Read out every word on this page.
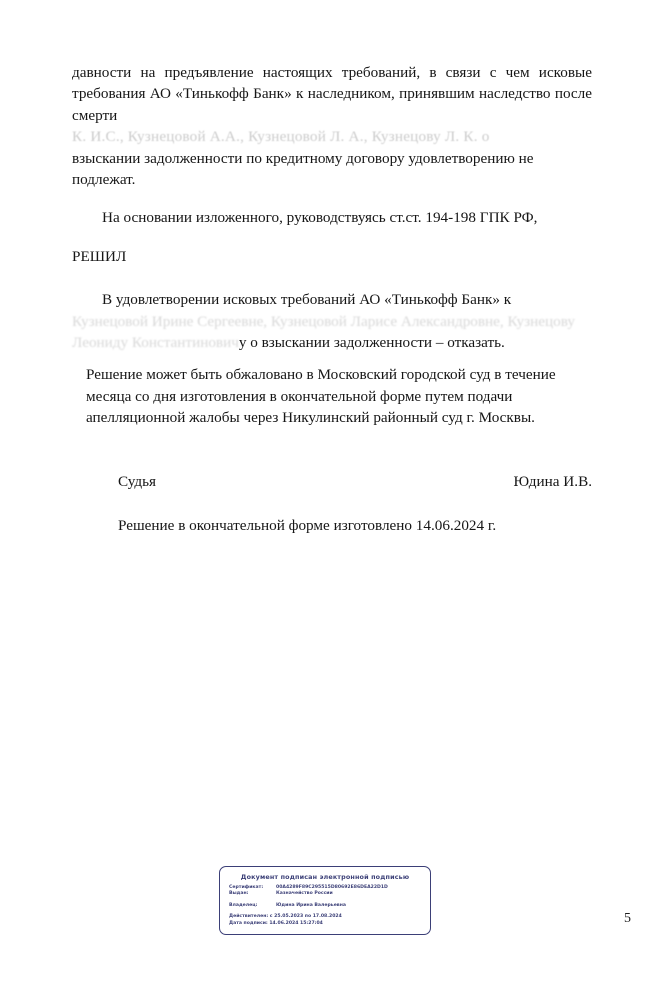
давности на предъявление настоящих требований, в связи с чем исковые требования АО «Тинькофф Банк» к наследником, принявшим наследство после смерти

К. И.С., Кузнецовой А.А., Кузнецовой Л. А., Кузнецову Л. К. о

взыскании задолженности по кредитному договору удовлетворению не
подлежат.

На основании изложенного, руководствуясь ст.ст. 194-198 ГПК РФ,

РЕШИЛ

В удовлетворении исковых требований АО «Тинькофф Банк» к

Кузнецовой Ирине Сергеевне, Кузнецовой Ларисе Александровне, Кузнецову

Леониду Константиновичу о взыскании задолженности – отказать.

Решение может быть обжаловано в Московский городской суд в течение
месяца со дня изготовления в окончательной форме путем подачи
апелляционной жалобы через Никулинский районный суд г. Москвы.

Судья	Юдина И.В.
Решение в окончательной форме изготовлено 14.06.2024 г.
Документ подписан электронной подписью
Сертификат:	00A4289F89C295515D80692E86DEA22D1D
Выдан:	Казначейство России
Владелец:	Юдина Ирина Валерьевна
Действителен: с 25.05.2023 по 17.08.2024
Дата подписи: 14.06.2024 15:27:04	5
